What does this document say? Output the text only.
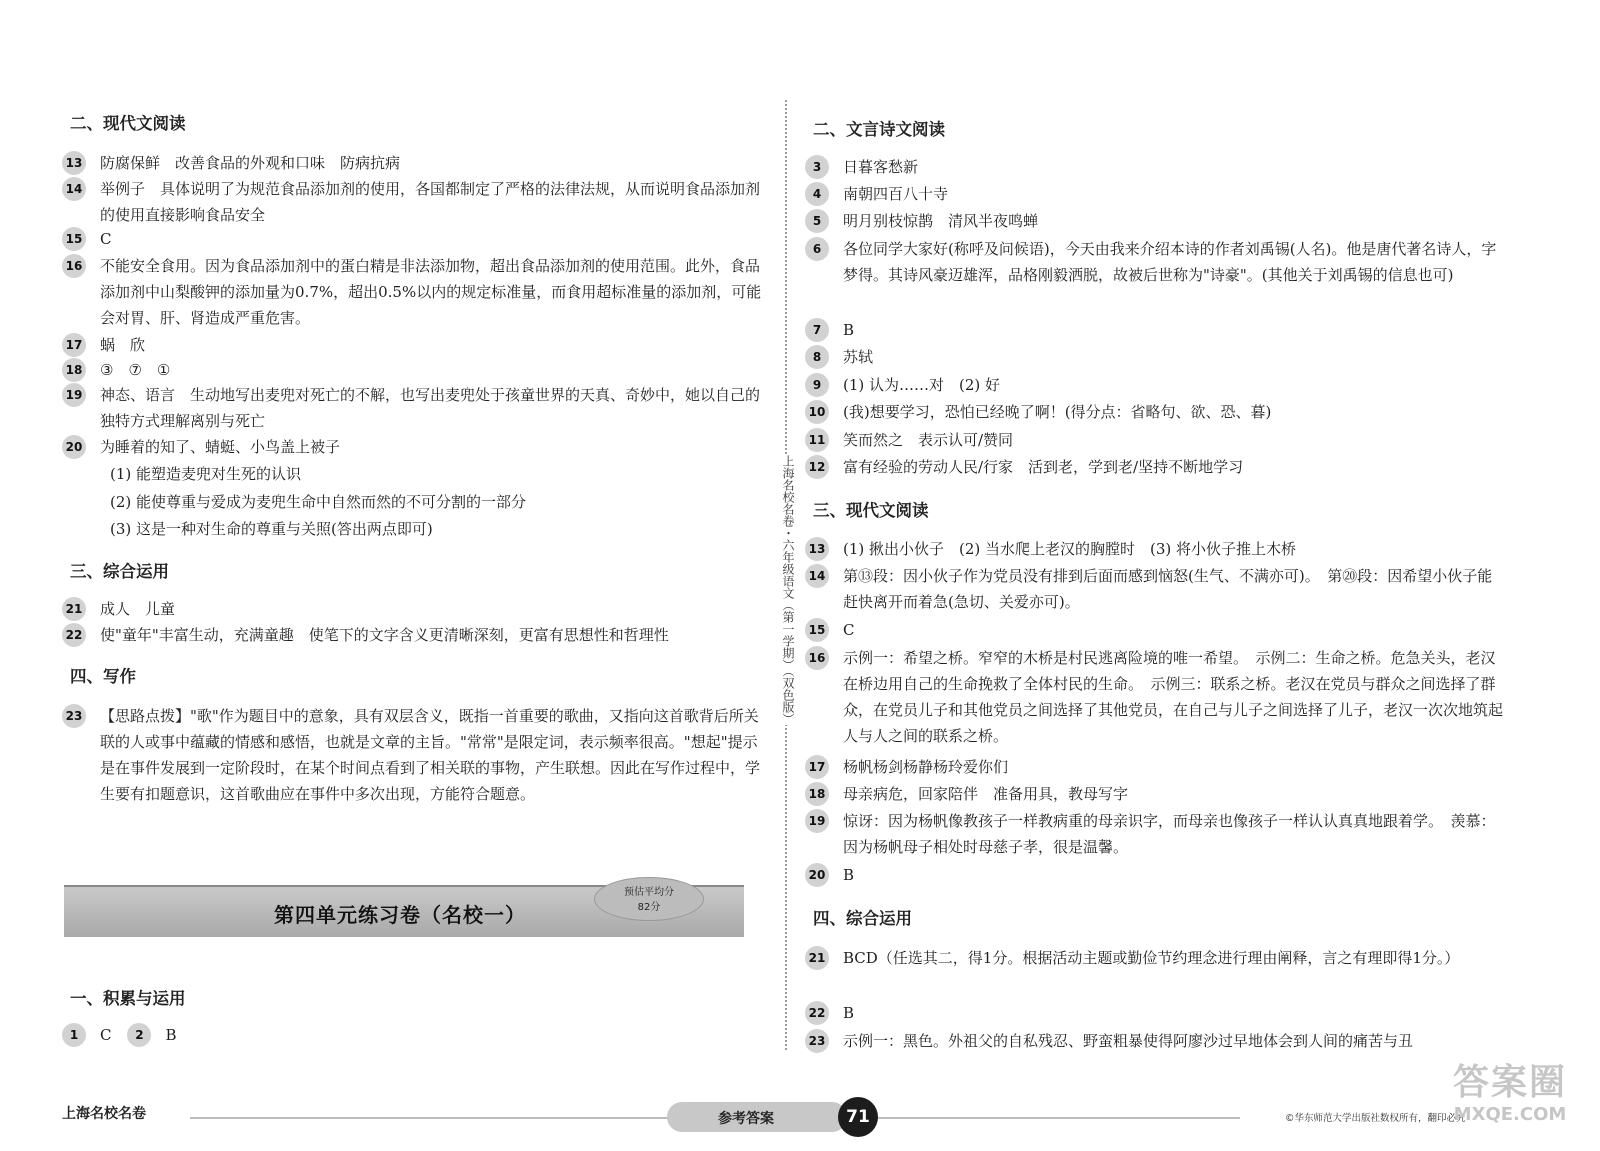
二、现代文阅读
13 防腐保鲜　改善食品的外观和口味　防病抗病
14 举例子　具体说明了为规范食品添加剂的使用，各国都制定了严格的法律法规，从而说明食品添加剂的使用直接影响食品安全
15 C
16 不能安全食用。因为食品添加剂中的蛋白精是非法添加物，超出食品添加剂的使用范围。此外，食品添加剂中山梨酸钾的添加量为0.7%，超出0.5%以内的规定标准量，而食用超标准量的添加剂，可能会对胃、肝、肾造成严重危害。
17 蜗　欣
18 ③　⑦　①
19 神态、语言　生动地写出麦兜对死亡的不解，也写出麦兜处于孩童世界的天真、奇妙中，她以自己的独特方式理解离别与死亡
20 为睡着的知了、蜻蜓、小鸟盖上被子
(1) 能塑造麦兜对生死的认识
(2) 能使尊重与爱成为麦兜生命中自然而然的不可分割的一部分
(3) 这是一种对生命的尊重与关照(答出两点即可)
三、综合运用
21 成人　儿童
22 使"童年"丰富生动，充满童趣　使笔下的文字含义更清晰深刻，更富有思想性和哲理性
四、写作
23 【思路点拨】"歌"作为题目中的意象，具有双层含义，既指一首重要的歌曲，又指向这首歌背后所关联的人或事中蕴藏的情感和感悟，也就是文章的主旨。"常常"是限定词，表示频率很高。"想起"提示是在事件发展到一定阶段时，在某个时间点看到了相关联的事物，产生联想。因此在写作过程中，学生要有扣题意识，这首歌曲应在事件中多次出现，方能符合题意。
一、积累与运用
1	C	2	B
第四单元练习卷（名校一）
预估平均分
82分
上海名校名卷・六年级语文（第一学期）（双色版）
二、文言诗文阅读
3	日暮客愁新
4	南朝四百八十寺
5	明月别枝惊鹊　清风半夜鸣蝉
6	各位同学大家好(称呼及问候语)，今天由我来介绍本诗的作者刘禹锡(人名)。他是唐代著名诗人，字梦得。其诗风豪迈雄浑，品格刚毅洒脱，故被后世称为"诗豪"。(其他关于刘禹锡的信息也可)
7	B
8	苏轼
9	(1) 认为……对　(2) 好
10 (我)想要学习，恐怕已经晚了啊！(得分点：省略句、欲、恐、暮)
11 笑而然之　表示认可/赞同
12 富有经验的劳动人民/行家　活到老，学到老/坚持不断地学习
三、现代文阅读
13 (1) 揪出小伙子　(2) 当水爬上老汉的胸膛时　(3) 将小伙子推上木桥
14 第⑬段：因小伙子作为党员没有排到后面而感到恼怒(生气、不满亦可)。　第⑳段：因希望小伙子能赶快离开而着急(急切、关爱亦可)。
15 C
16 示例一：希望之桥。窄窄的木桥是村民逃离险境的唯一希望。　示例二：生命之桥。危急关头，老汉在桥边用自己的生命挽救了全体村民的生命。　示例三：联系之桥。老汉在党员与群众之间选择了群众，在党员儿子和其他党员之间选择了其他党员，在自己与儿子之间选择了儿子，老汉一次次地筑起人与人之间的联系之桥。
17 杨帆杨剑杨静杨玲爱你们
18 母亲病危，回家陪伴　准备用具，教母写字
19 惊讶：因为杨帆像教孩子一样教病重的母亲识字，而母亲也像孩子一样认认真真地跟着学。　羡慕：因为杨帆母子相处时母慈子孝，很是温馨。
20 B
四、综合运用
21 BCD（任选其二，得1分。根据活动主题或勤俭节约理念进行理由阐释，言之有理即得1分。）
22 B
23 示例一：黑色。外祖父的自私残忍、野蛮粗暴使得阿廖沙过早地体会到人间的痛苦与丑
上海名校名卷	参考答案	71	©华东师范大学出版社数权所有，翻印必究
答案圈
MXQE.COM
